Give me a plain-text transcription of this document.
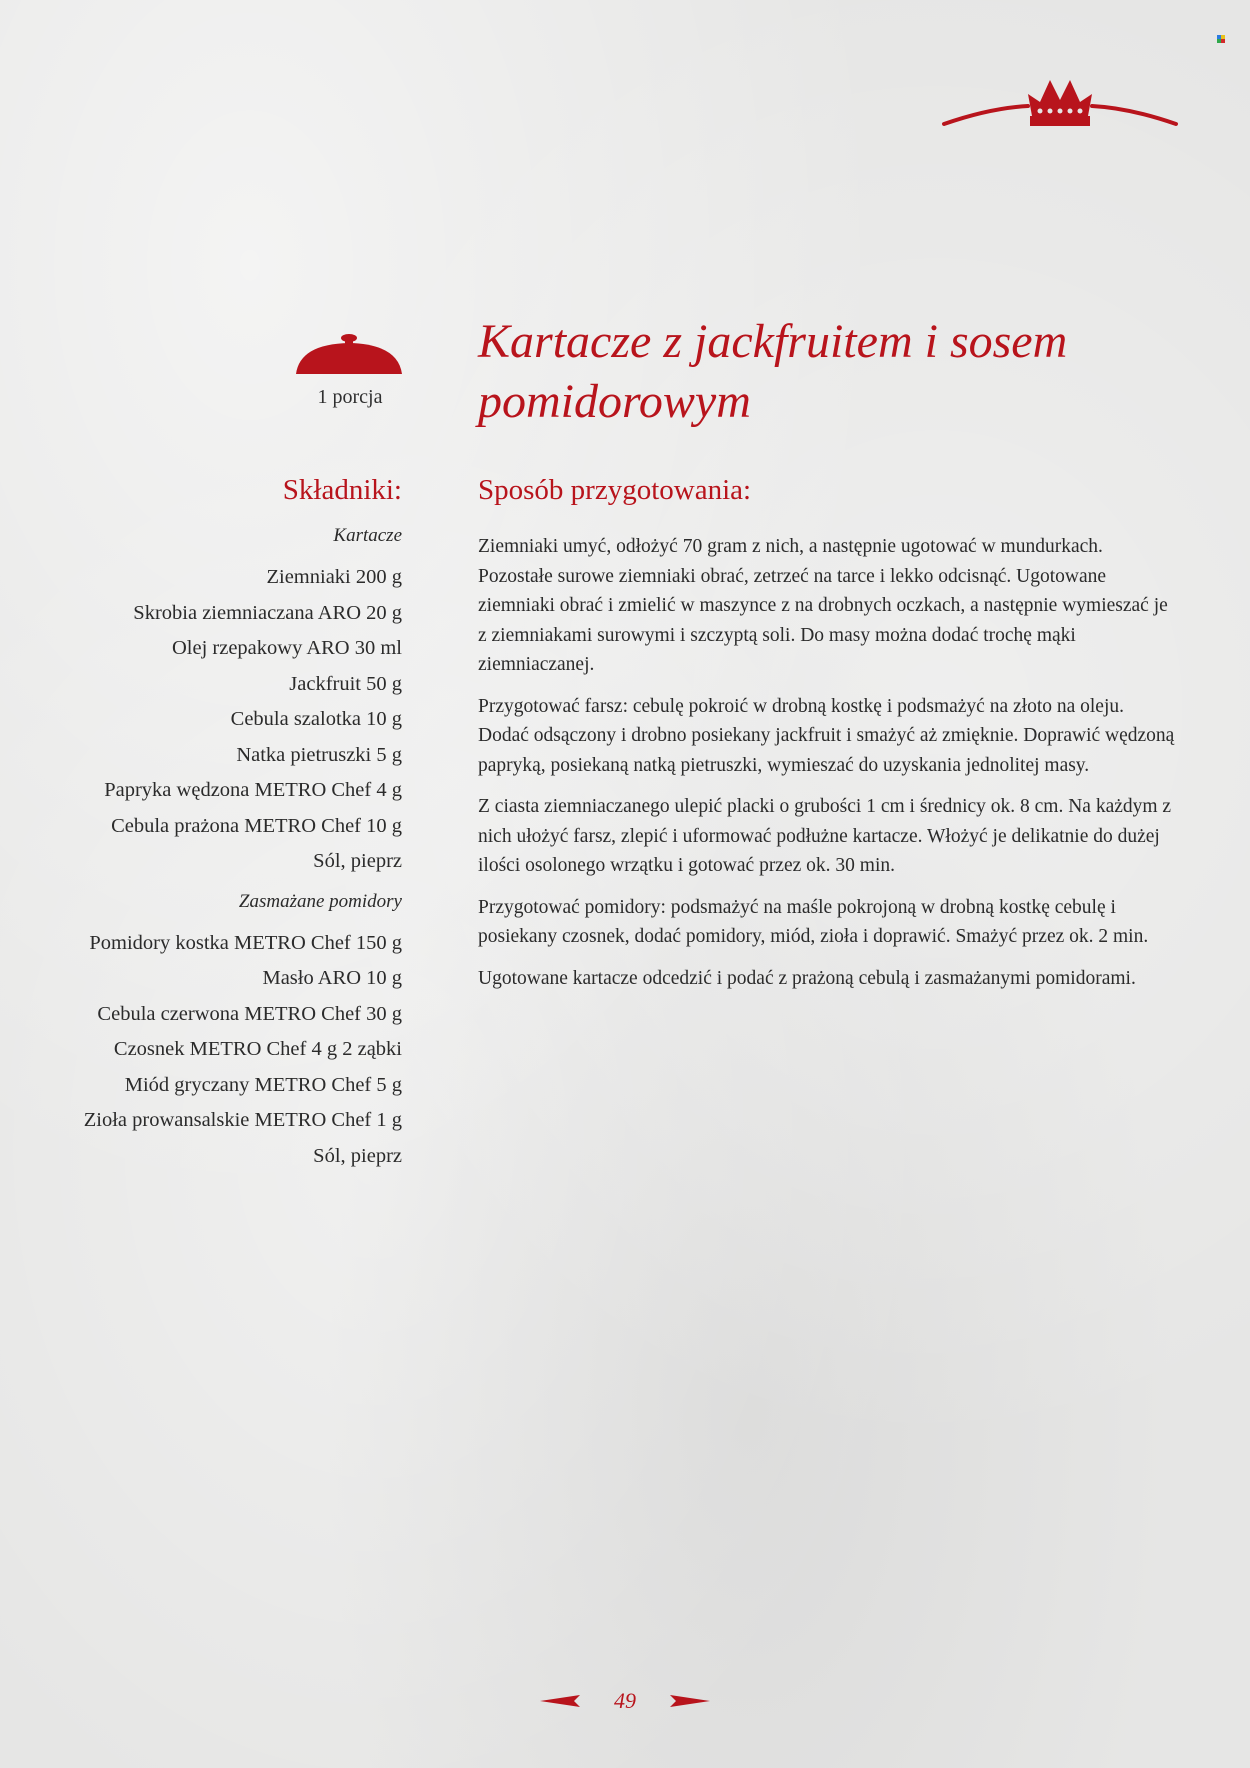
1 porcja
Kartacze z jackfruitem i sosem pomidorowym
Składniki:
Kartacze
Ziemniaki 200 g
Skrobia ziemniaczana ARO 20 g
Olej rzepakowy ARO 30 ml
Jackfruit 50 g
Cebula szalotka 10 g
Natka pietruszki 5 g
Papryka wędzona METRO Chef 4 g
Cebula prażona METRO Chef 10 g
Sól, pieprz
Zasmażane pomidory
Pomidory kostka METRO Chef 150 g
Masło ARO 10 g
Cebula czerwona METRO Chef 30 g
Czosnek METRO Chef 4 g 2 ząbki
Miód gryczany METRO Chef 5 g
Zioła prowansalskie METRO Chef 1 g
Sól, pieprz
Sposób przygotowania:

Ziemniaki umyć, odłożyć 70 gram z nich, a następnie ugotować w mundurkach. Pozostałe surowe ziemniaki obrać, zetrzeć na tarce i lekko odcisnąć. Ugotowane ziemniaki obrać i zmielić w maszynce z na drobnych oczkach, a następnie wymieszać je z ziemniakami surowymi i szczyptą soli. Do masy można dodać trochę mąki ziemniaczanej.

Przygotować farsz: cebulę pokroić w drobną kostkę i podsmażyć na złoto na oleju. Dodać odsączony i drobno posiekany jackfruit i smażyć aż zmięknie. Doprawić wędzoną papryką, posiekaną natką pietruszki, wymieszać do uzyskania jednolitej masy.

Z ciasta ziemniaczanego ulepić placki o grubości 1 cm i średnicy ok. 8 cm. Na każdym z nich ułożyć farsz, zlepić i uformować podłużne kartacze. Włożyć je delikatnie do dużej ilości osolonego wrzątku i gotować przez ok. 30 min.

Przygotować pomidory: podsmażyć na maśle pokrojoną w drobną kostkę cebulę i posiekany czosnek, dodać pomidory, miód, zioła i doprawić. Smażyć przez ok. 2 min.

Ugotowane kartacze odcedzić i podać z prażoną cebulą i zasmażanymi pomidorami.

49
